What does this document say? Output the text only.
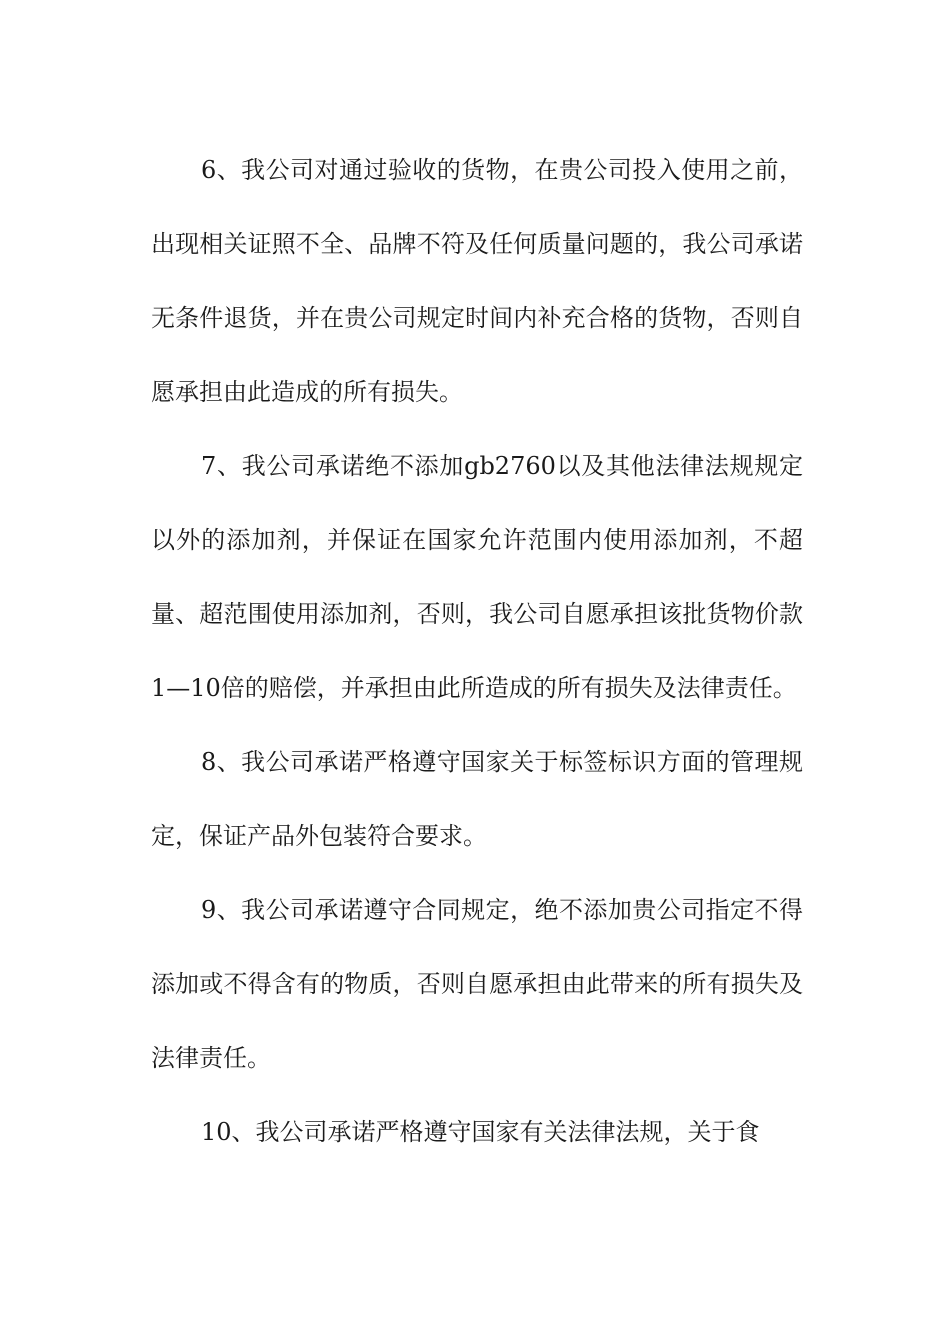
6、我公司对通过验收的货物，在贵公司投入使用之前，出现相关证照不全、品牌不符及任何质量问题的，我公司承诺无条件退货，并在贵公司规定时间内补充合格的货物，否则自愿承担由此造成的所有损失。

7、我公司承诺绝不添加gb2760以及其他法律法规规定以外的添加剂，并保证在国家允许范围内使用添加剂，不超量、超范围使用添加剂，否则，我公司自愿承担该批货物价款1—10倍的赔偿，并承担由此所造成的所有损失及法律责任。

8、我公司承诺严格遵守国家关于标签标识方面的管理规定，保证产品外包装符合要求。

9、我公司承诺遵守合同规定，绝不添加贵公司指定不得添加或不得含有的物质，否则自愿承担由此带来的所有损失及法律责任。

10、我公司承诺严格遵守国家有关法律法规，关于食
